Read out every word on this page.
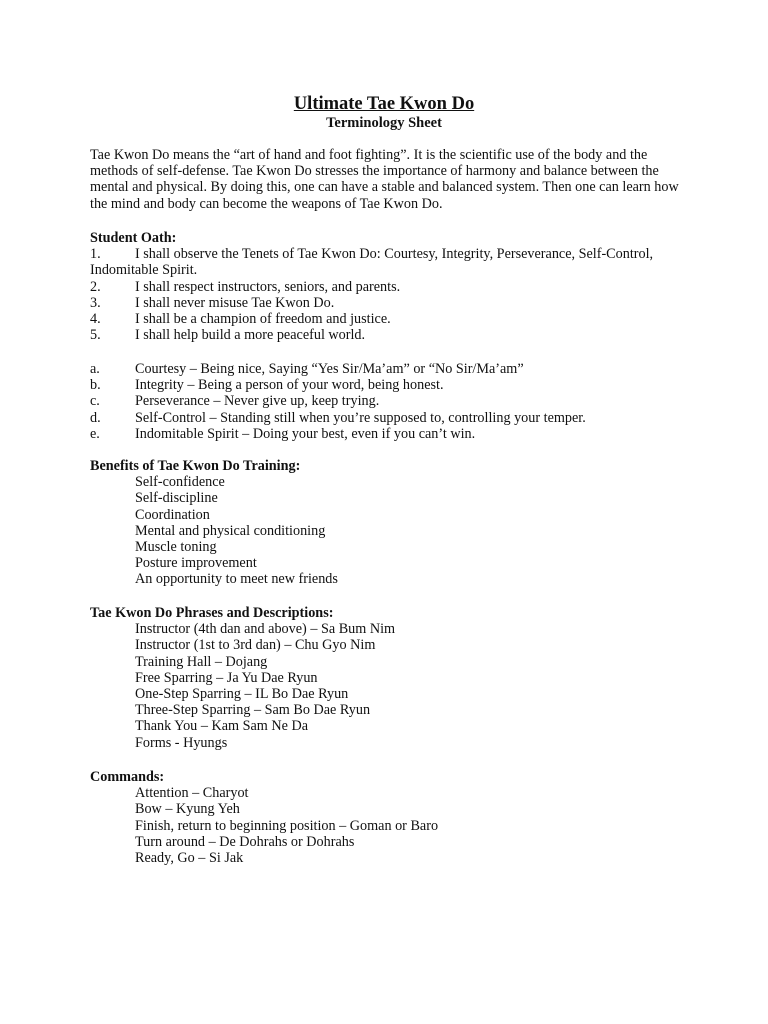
Ultimate Tae Kwon Do
Terminology Sheet

Tae Kwon Do means the “art of hand and foot fighting”. It is the scientific use of the body and the methods of self-defense. Tae Kwon Do stresses the importance of harmony and balance between the mental and physical. By doing this, one can have a stable and balanced system. Then one can learn how the mind and body can become the weapons of Tae Kwon Do.

Student Oath:
1. I shall observe the Tenets of Tae Kwon Do: Courtesy, Integrity, Perseverance, Self-Control, Indomitable Spirit.
2. I shall respect instructors, seniors, and parents.
3. I shall never misuse Tae Kwon Do.
4. I shall be a champion of freedom and justice.
5. I shall help build a more peaceful world.
a. Courtesy – Being nice, Saying “Yes Sir/Ma’am” or “No Sir/Ma’am”
b. Integrity – Being a person of your word, being honest.
c. Perseverance – Never give up, keep trying.
d. Self-Control – Standing still when you’re supposed to, controlling your temper.
e. Indomitable Spirit – Doing your best, even if you can’t win.
Benefits of Tae Kwon Do Training:
Self-confidence
Self-discipline
Coordination
Mental and physical conditioning
Muscle toning
Posture improvement
An opportunity to meet new friends
Tae Kwon Do Phrases and Descriptions:
Instructor (4th dan and above) – Sa Bum Nim
Instructor (1st to 3rd dan) – Chu Gyo Nim
Training Hall – Dojang
Free Sparring – Ja Yu Dae Ryun
One-Step Sparring – IL Bo Dae Ryun
Three-Step Sparring – Sam Bo Dae Ryun
Thank You – Kam Sam Ne Da
Forms - Hyungs
Commands:
Attention – Charyot
Bow – Kyung Yeh
Finish, return to beginning position – Goman or Baro
Turn around – De Dohrahs or Dohrahs
Ready, Go – Si Jak
